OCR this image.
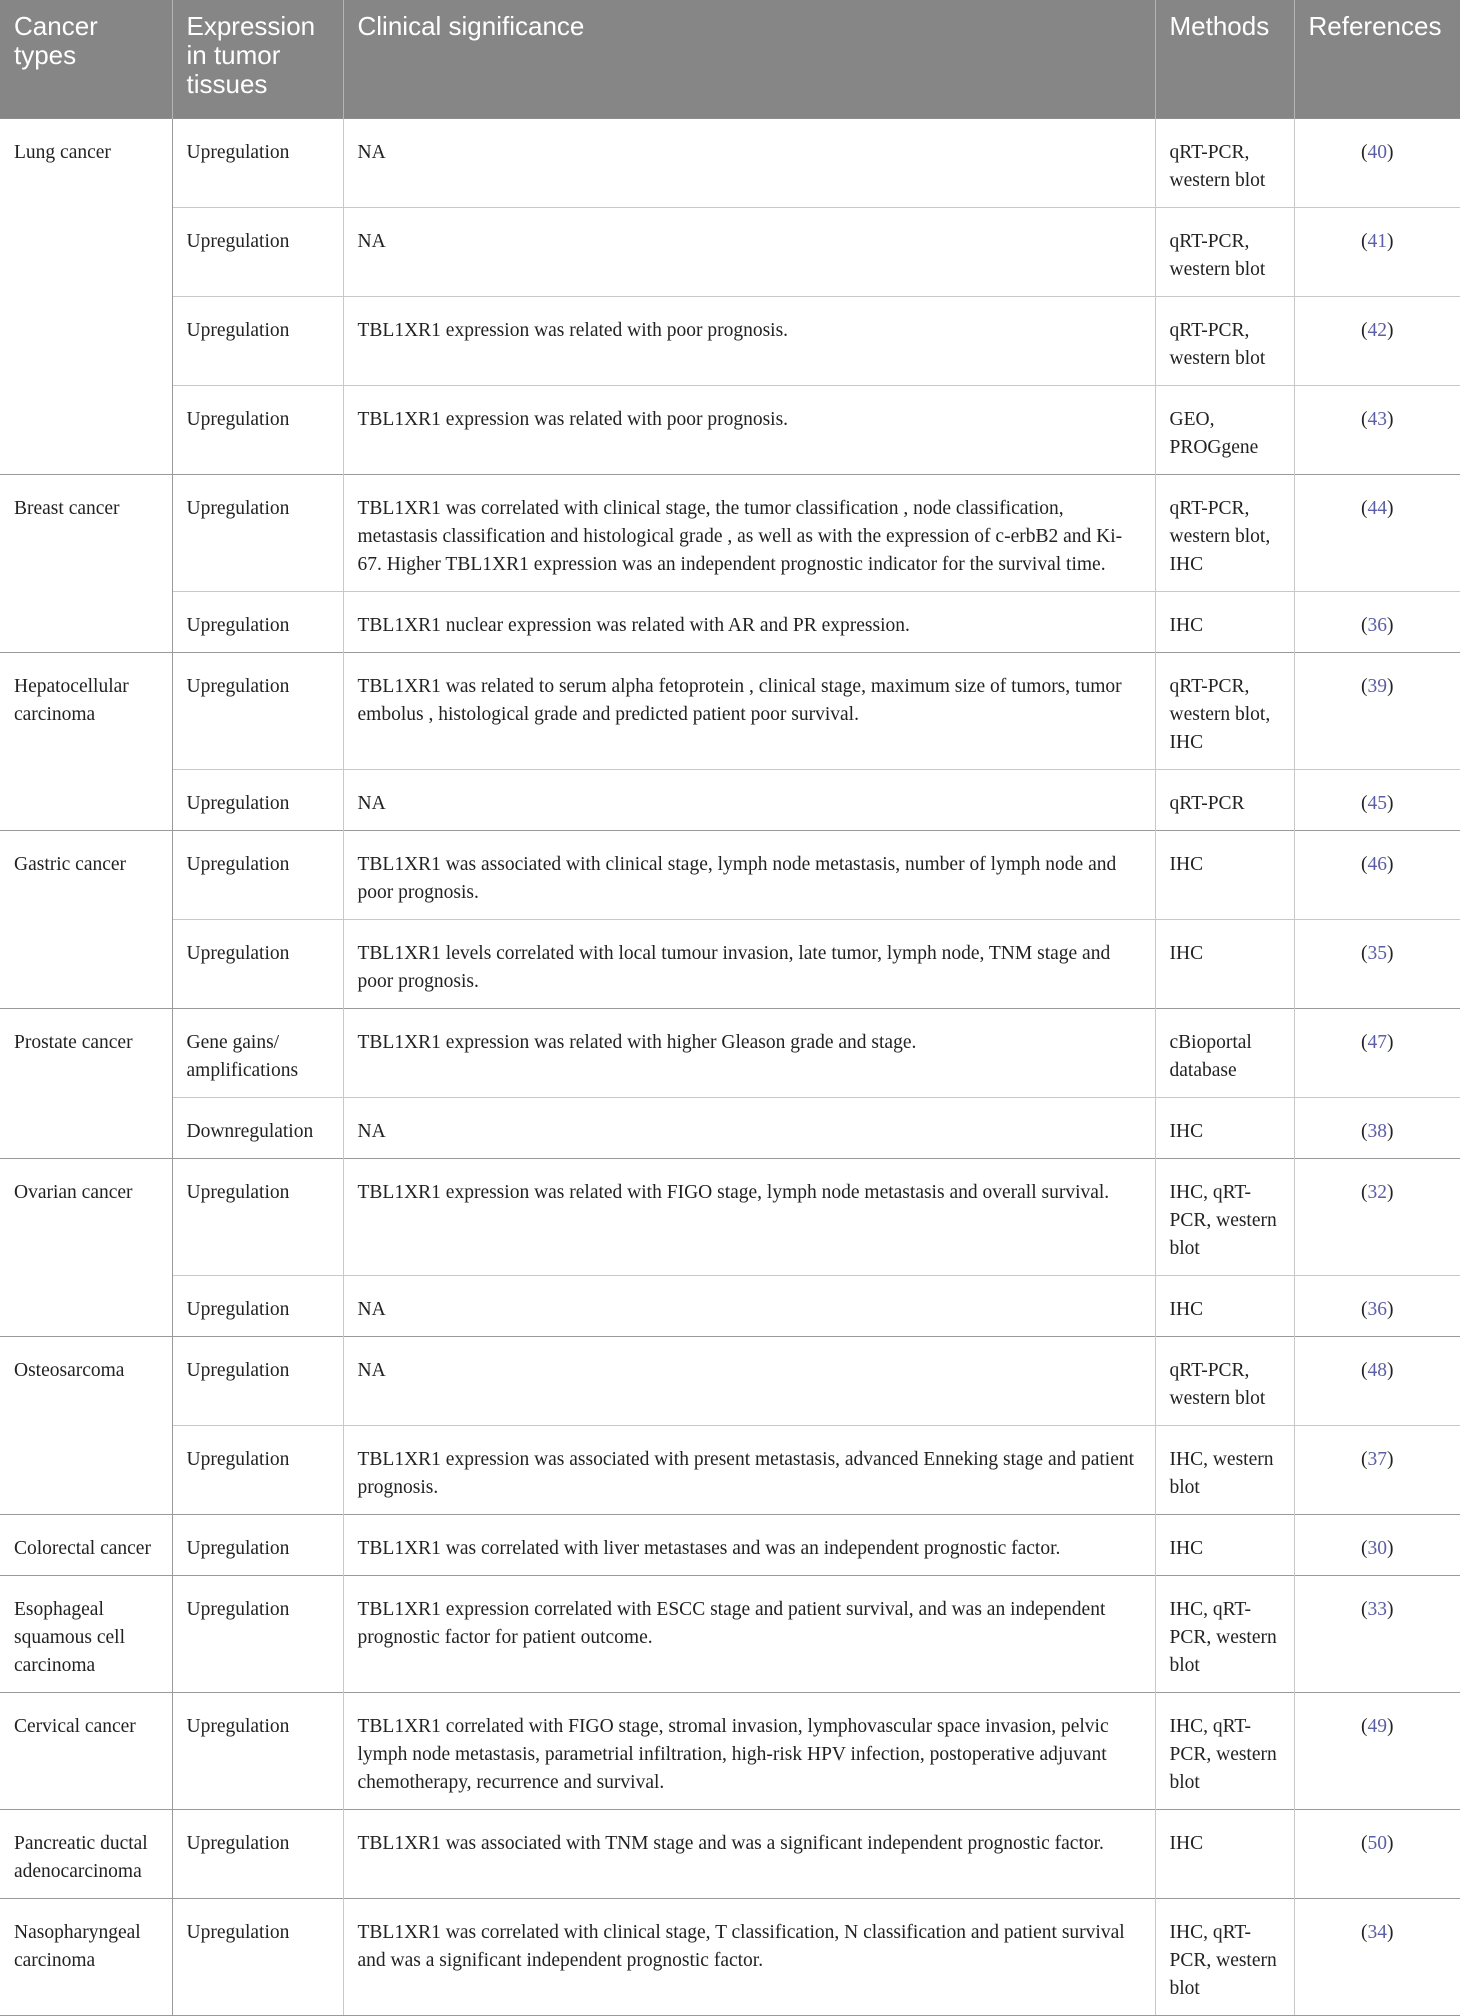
Cancer types	Expression in tumor tissues	Clinical significance	Methods	References
Lung cancer	Upregulation	NA	qRT-PCR, western blot	(40)
	Upregulation	NA	qRT-PCR, western blot	(41)
	Upregulation	TBL1XR1 expression was related with poor prognosis.	qRT-PCR, western blot	(42)
	Upregulation	TBL1XR1 expression was related with poor prognosis.	GEO, PROGgene	(43)
Breast cancer	Upregulation	TBL1XR1 was correlated with clinical stage, the tumor classification , node classification, metastasis classification and histological grade , as well as with the expression of c-erbB2 and Ki-67. Higher TBL1XR1 expression was an independent prognostic indicator for the survival time.	qRT-PCR, western blot, IHC	(44)
	Upregulation	TBL1XR1 nuclear expression was related with AR and PR expression.	IHC	(36)
Hepatocellular carcinoma	Upregulation	TBL1XR1 was related to serum alpha fetoprotein , clinical stage, maximum size of tumors, tumor embolus , histological grade and predicted patient poor survival.	qRT-PCR, western blot, IHC	(39)
	Upregulation	NA	qRT-PCR	(45)
Gastric cancer	Upregulation	TBL1XR1 was associated with clinical stage, lymph node metastasis, number of lymph node and poor prognosis.	IHC	(46)
	Upregulation	TBL1XR1 levels correlated with local tumour invasion, late tumor, lymph node, TNM stage and poor prognosis.	IHC	(35)
Prostate cancer	Gene gains/ amplifications	TBL1XR1 expression was related with higher Gleason grade and stage.	cBioportal database	(47)
	Downregulation	NA	IHC	(38)
Ovarian cancer	Upregulation	TBL1XR1 expression was related with FIGO stage, lymph node metastasis and overall survival.	IHC, qRT-PCR, western blot	(32)
	Upregulation	NA	IHC	(36)
Osteosarcoma	Upregulation	NA	qRT-PCR, western blot	(48)
	Upregulation	TBL1XR1 expression was associated with present metastasis, advanced Enneking stage and patient prognosis.	IHC, western blot	(37)
Colorectal cancer	Upregulation	TBL1XR1 was correlated with liver metastases and was an independent prognostic factor.	IHC	(30)
Esophageal squamous cell carcinoma	Upregulation	TBL1XR1 expression correlated with ESCC stage and patient survival, and was an independent prognostic factor for patient outcome.	IHC, qRT-PCR, western blot	(33)
Cervical cancer	Upregulation	TBL1XR1 correlated with FIGO stage, stromal invasion, lymphovascular space invasion, pelvic lymph node metastasis, parametrial infiltration, high-risk HPV infection, postoperative adjuvant chemotherapy, recurrence and survival.	IHC, qRT-PCR, western blot	(49)
Pancreatic ductal adenocarcinoma	Upregulation	TBL1XR1 was associated with TNM stage and was a significant independent prognostic factor.	IHC	(50)
Nasopharyngeal carcinoma	Upregulation	TBL1XR1 was correlated with clinical stage, T classification, N classification and patient survival and was a significant independent prognostic factor.	IHC, qRT-PCR, western blot	(34)
